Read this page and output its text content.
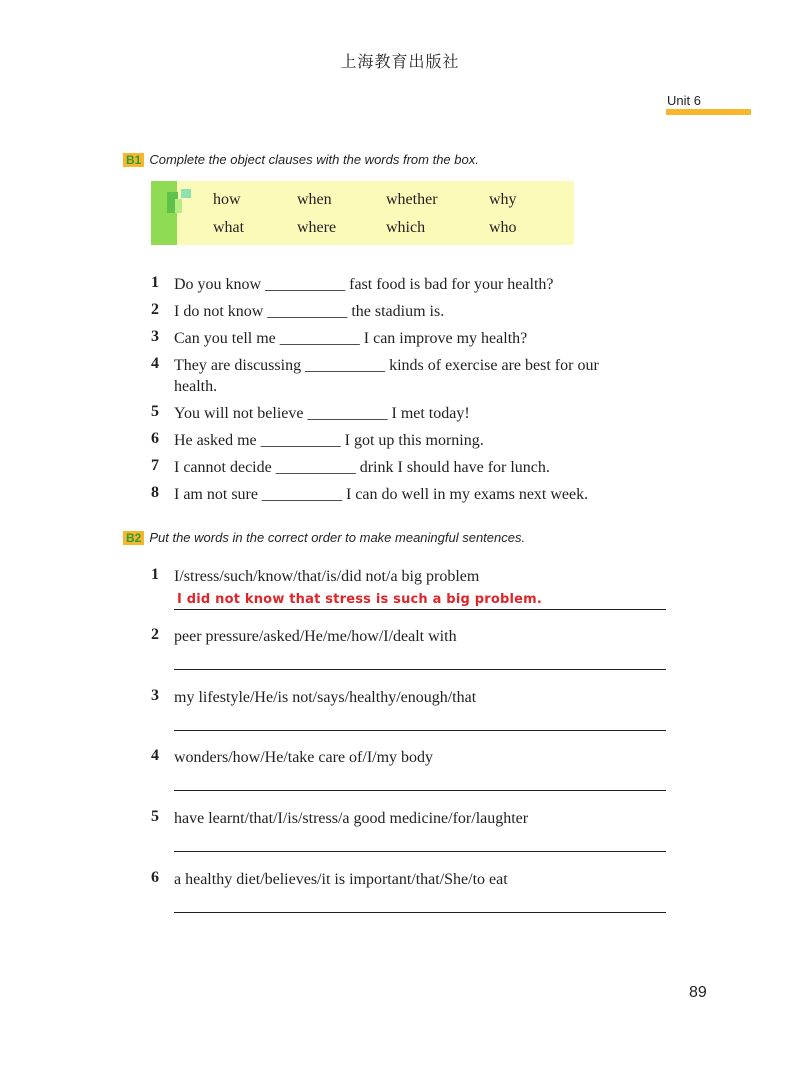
上海教育出版社
Unit 6
B1 Complete the object clauses with the words from the box.
how	when	whether	why
what	where	which	who
1 Do you know __________ fast food is bad for your health?
2 I do not know __________ the stadium is.
3 Can you tell me __________ I can improve my health?
4 They are discussing __________ kinds of exercise are best for our health.
5 You will not believe __________ I met today!
6 He asked me __________ I got up this morning.
7 I cannot decide __________ drink I should have for lunch.
8 I am not sure __________ I can do well in my exams next week.
B2 Put the words in the correct order to make meaningful sentences.
1 I/stress/such/know/that/is/did not/a big problem
I did not know that stress is such a big problem.
2 peer pressure/asked/He/me/how/I/dealt with
3 my lifestyle/He/is not/says/healthy/enough/that
4 wonders/how/He/take care of/I/my body
5 have learnt/that/I/is/stress/a good medicine/for/laughter
6 a healthy diet/believes/it is important/that/She/to eat
89
